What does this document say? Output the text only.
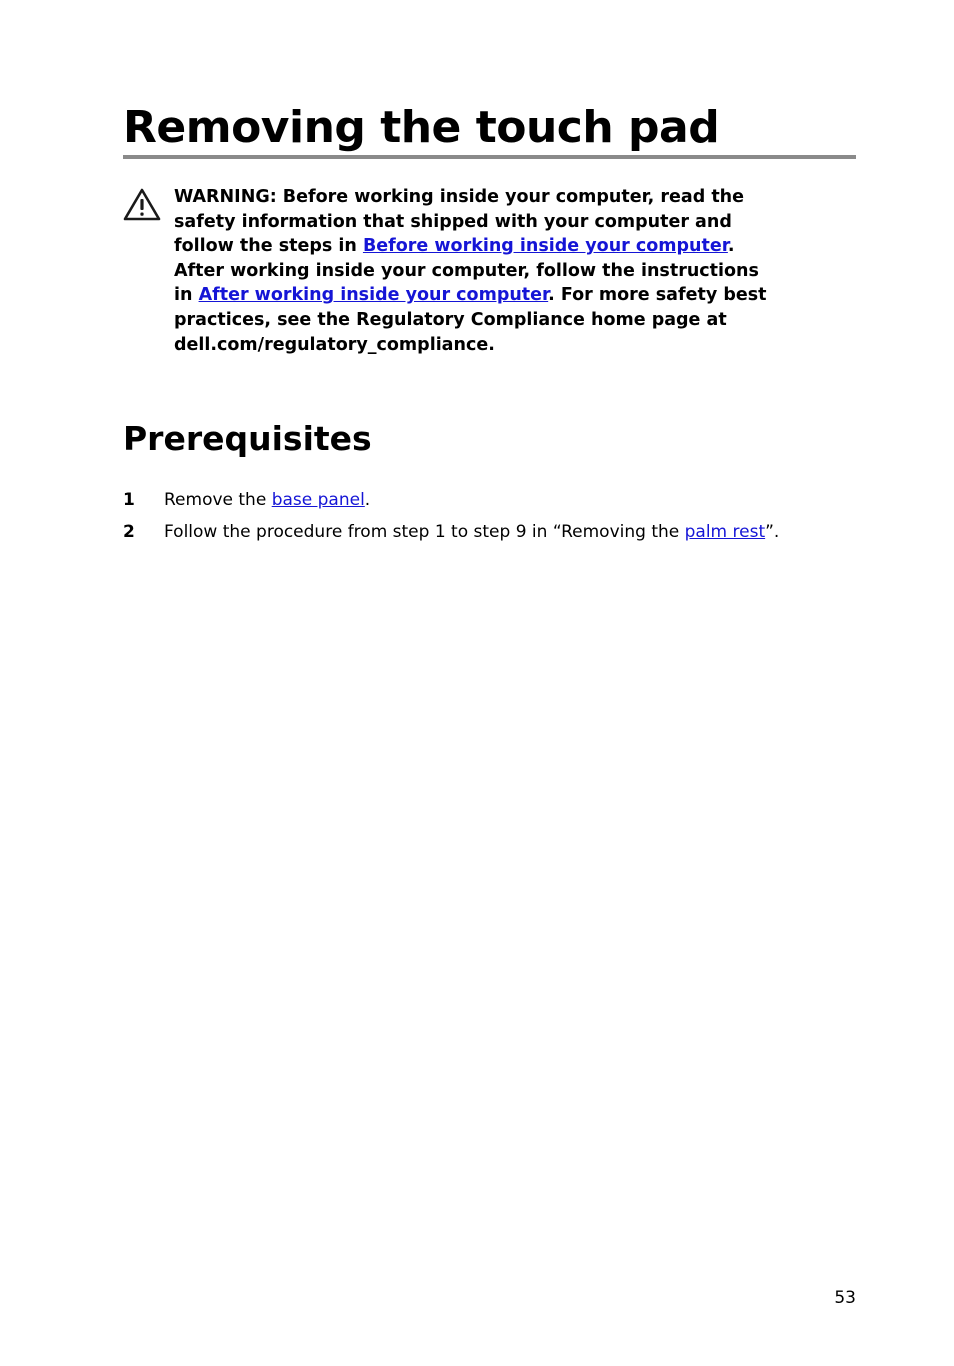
Removing the touch pad
WARNING: Before working inside your computer, read the
safety information that shipped with your computer and
follow the steps in Before working inside your computer.
After working inside your computer, follow the instructions
in After working inside your computer. For more safety best
practices, see the Regulatory Compliance home page at
dell.com/regulatory_compliance.
Prerequisites
1 Remove the base panel.
2 Follow the procedure from step 1 to step 9 in “Removing the palm rest”.
53
